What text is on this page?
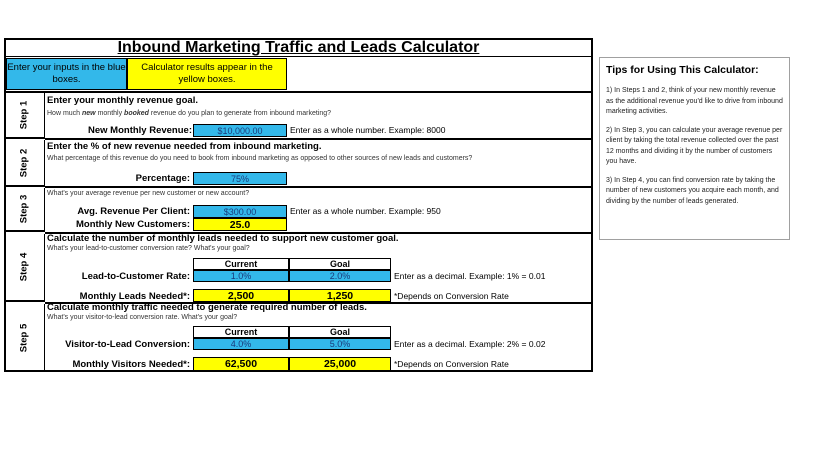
Inbound Marketing Traffic and Leads Calculator
Enter your inputs in the blue boxes.
Calculator results appear in the yellow boxes.
Step 1
Enter your monthly revenue goal.
How much new monthly booked revenue do you plan to generate from inbound marketing?
New Monthly Revenue:	$10,000.00	Enter as a whole number. Example: 8000
Step 2
Enter the % of new revenue needed from inbound marketing.
What percentage of this revenue do you need to book from inbound marketing as opposed to other sources of new leads and customers?
Percentage:	75%
Step 3
What's your average revenue per new customer or new account?
Avg. Revenue Per Client:	$300.00	Enter as a whole number. Example: 950
Monthly New Customers:	25.0
Step 4
Calculate the number of monthly leads needed to support new customer goal.
What's your lead-to-customer conversion rate? What's your goal?
Current	Goal
Lead-to-Customer Rate:	1.0%	2.0%	Enter as a decimal. Example: 1% = 0.01
Monthly Leads Needed*:	2,500	1,250	*Depends on Conversion Rate
Step 5
Calculate monthly traffic needed to generate required number of leads.
What's your visitor-to-lead conversion rate. What's your goal?
Current	Goal
Visitor-to-Lead Conversion:	4.0%	5.0%	Enter as a decimal. Example: 2% = 0.02
Monthly Visitors Needed*:	62,500	25,000	*Depends on Conversion Rate
Tips for Using This Calculator:
1) In Steps 1 and 2, think of your new monthly revenue as the additional revenue you'd like to drive from inbound marketing activities.
2) In Step 3, you can calculate your average revenue per client by taking the total revenue collected over the past 12 months and dividing it by the number of customers you have.
3) In Step 4, you can find conversion rate by taking the number of new customers you acquire each month, and dividing by the number of leads generated.
